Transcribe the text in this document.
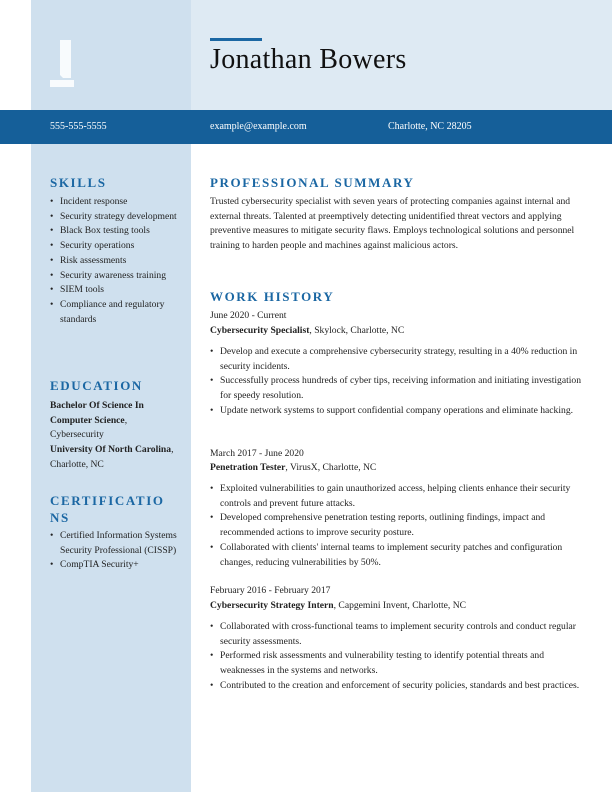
Jonathan Bowers
555-555-5555	example@example.com	Charlotte, NC 28205
SKILLS
• Incident response
• Security strategy development
• Black Box testing tools
• Security operations
• Risk assessments
• Security awareness training
• SIEM tools
• Compliance and regulatory standards
EDUCATION
Bachelor Of Science In Computer Science, Cybersecurity
University Of North Carolina, Charlotte, NC
CERTIFICATIONS
• Certified Information Systems Security Professional (CISSP)
• CompTIA Security+
PROFESSIONAL SUMMARY
Trusted cybersecurity specialist with seven years of protecting companies against internal and external threats. Talented at preemptively detecting unidentified threat vectors and applying preventive measures to mitigate security flaws. Employs technological solutions and personnel training to harden people and machines against malicious actors.
WORK HISTORY
June 2020 - Current
Cybersecurity Specialist, Skylock, Charlotte, NC
• Develop and execute a comprehensive cybersecurity strategy, resulting in a 40% reduction in security incidents.
• Successfully process hundreds of cyber tips, receiving information and initiating investigation for speedy resolution.
• Update network systems to support confidential company operations and eliminate hacking.
March 2017 - June 2020
Penetration Tester, VirusX, Charlotte, NC
• Exploited vulnerabilities to gain unauthorized access, helping clients enhance their security controls and prevent future attacks.
• Developed comprehensive penetration testing reports, outlining findings, impact and recommended actions to improve security posture.
• Collaborated with clients' internal teams to implement security patches and configuration changes, reducing vulnerabilities by 50%.
February 2016 - February 2017
Cybersecurity Strategy Intern, Capgemini Invent, Charlotte, NC
• Collaborated with cross-functional teams to implement security controls and conduct regular security assessments.
• Performed risk assessments and vulnerability testing to identify potential threats and weaknesses in the systems and networks.
• Contributed to the creation and enforcement of security policies, standards and best practices.
